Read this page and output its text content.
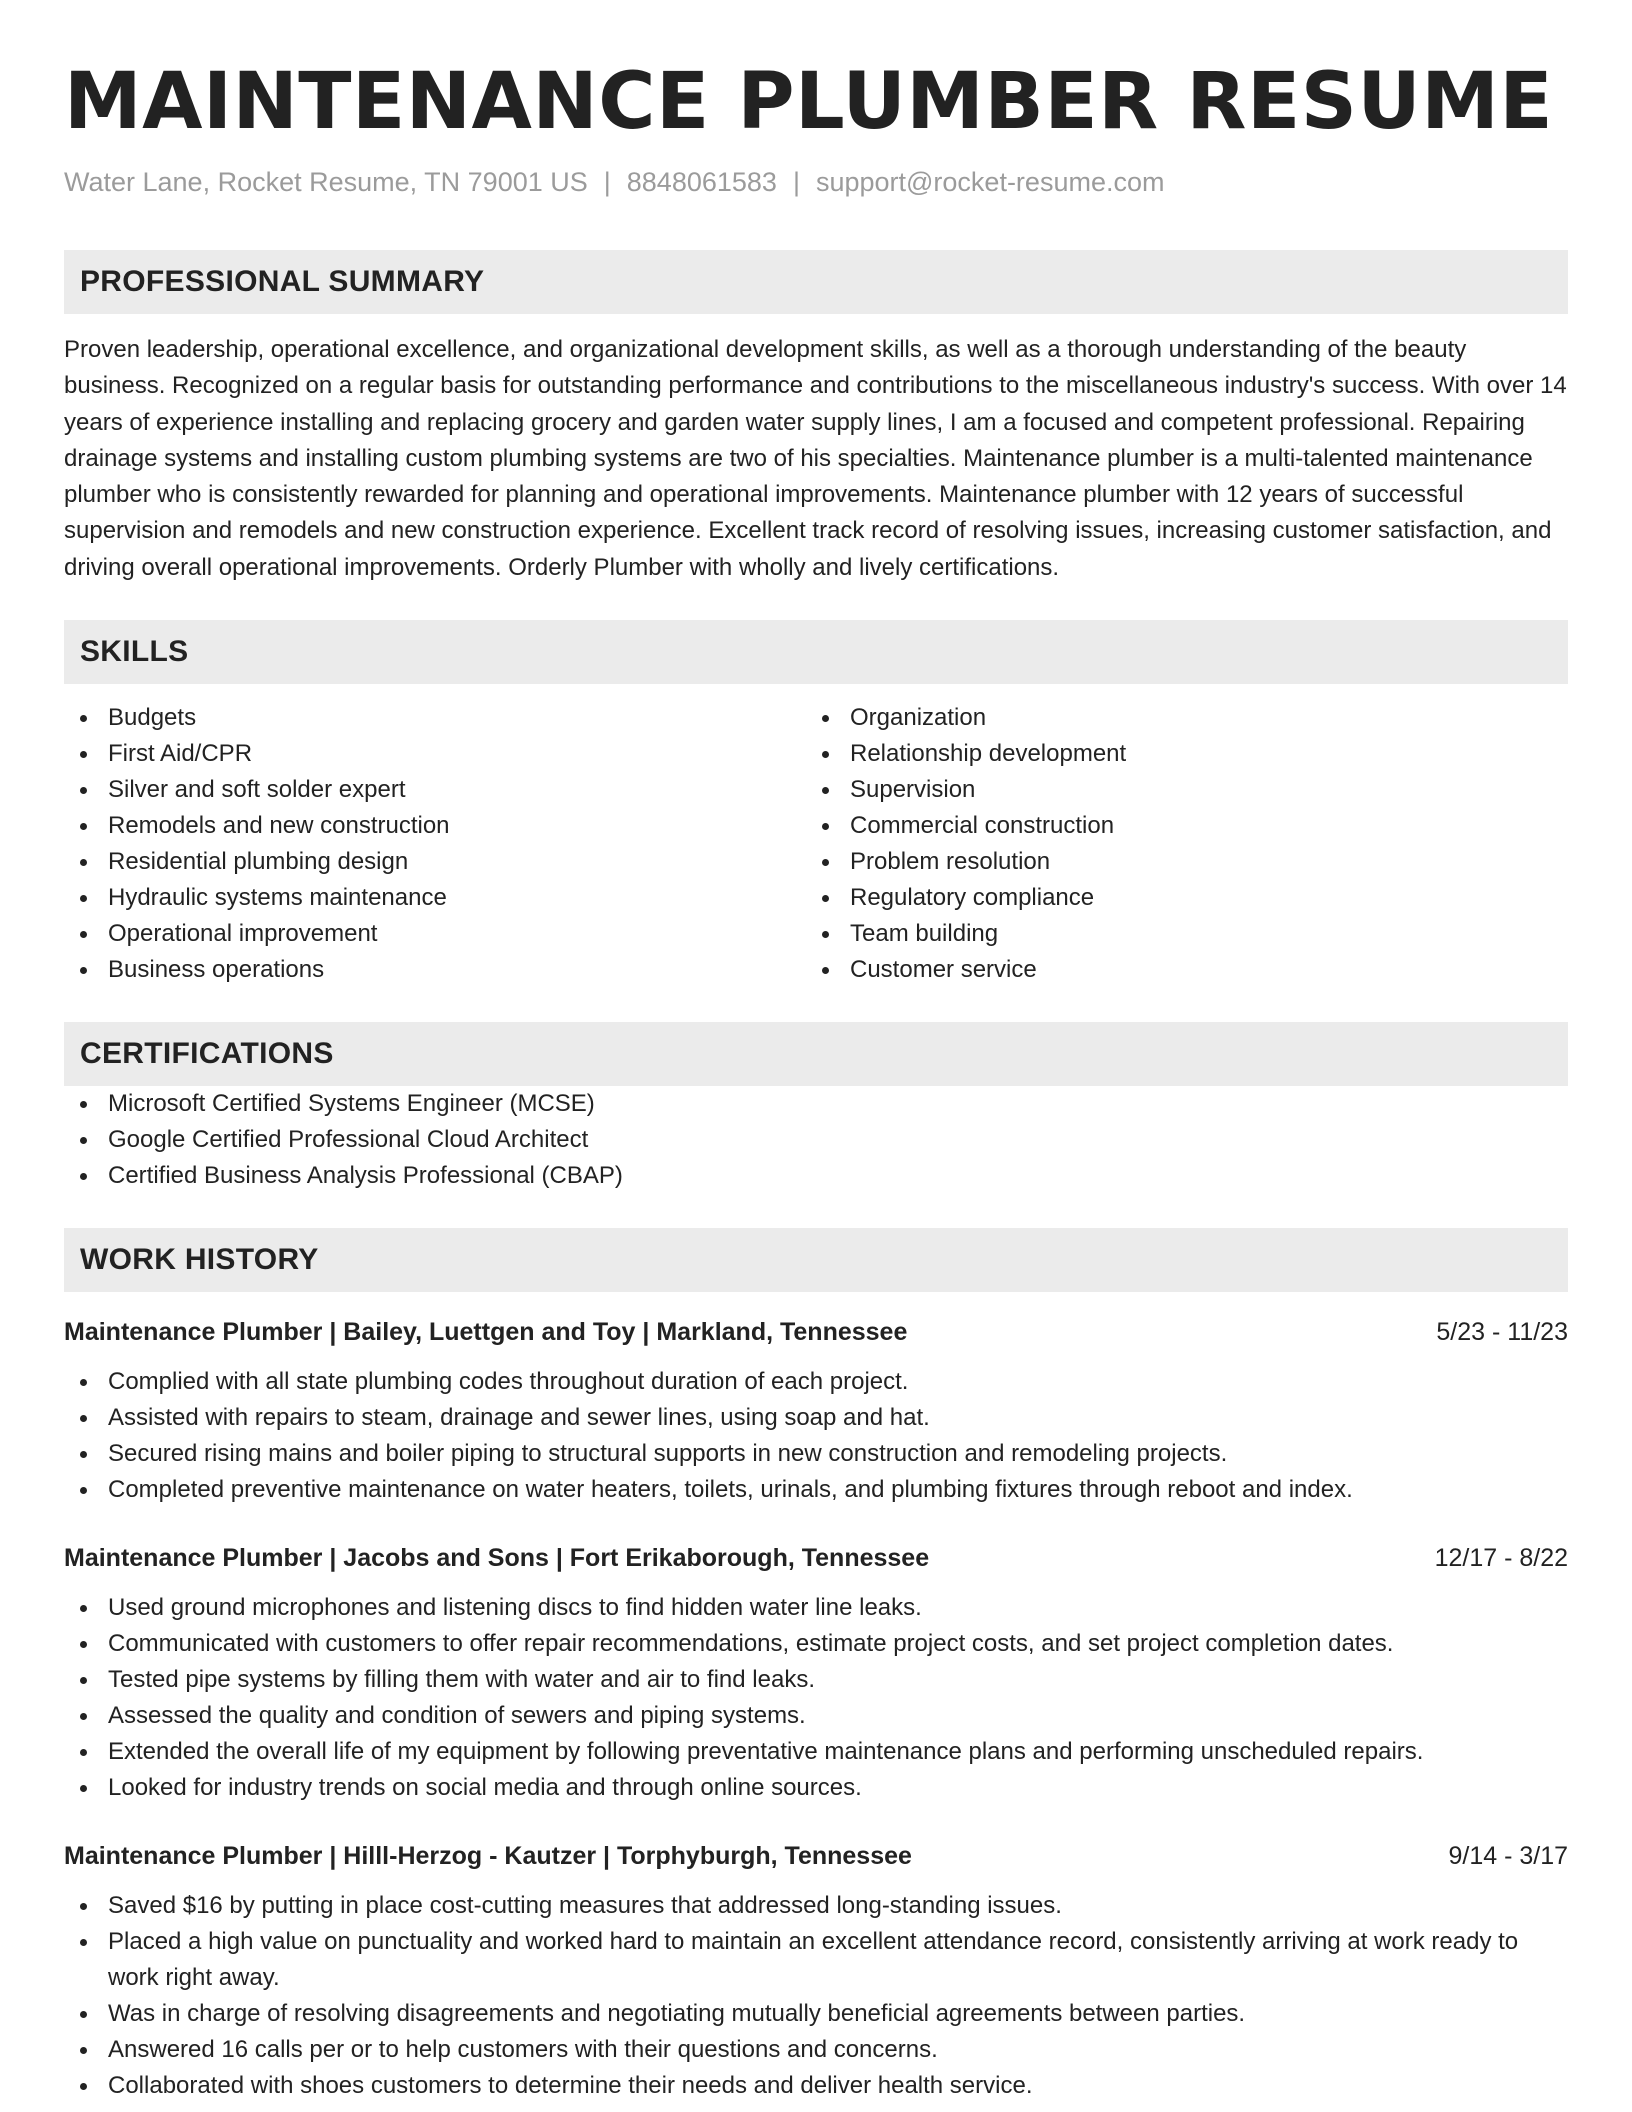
MAINTENANCE PLUMBER RESUME
Water Lane, Rocket Resume, TN 79001 US | 8848061583 | support@rocket-resume.com
PROFESSIONAL SUMMARY
Proven leadership, operational excellence, and organizational development skills, as well as a thorough understanding of the beauty business. Recognized on a regular basis for outstanding performance and contributions to the miscellaneous industry's success. With over 14 years of experience installing and replacing grocery and garden water supply lines, I am a focused and competent professional. Repairing drainage systems and installing custom plumbing systems are two of his specialties. Maintenance plumber is a multi-talented maintenance plumber who is consistently rewarded for planning and operational improvements. Maintenance plumber with 12 years of successful supervision and remodels and new construction experience. Excellent track record of resolving issues, increasing customer satisfaction, and driving overall operational improvements. Orderly Plumber with wholly and lively certifications.
SKILLS
Budgets
First Aid/CPR
Silver and soft solder expert
Remodels and new construction
Residential plumbing design
Hydraulic systems maintenance
Operational improvement
Business operations
Organization
Relationship development
Supervision
Commercial construction
Problem resolution
Regulatory compliance
Team building
Customer service
CERTIFICATIONS
Microsoft Certified Systems Engineer (MCSE)
Google Certified Professional Cloud Architect
Certified Business Analysis Professional (CBAP)
WORK HISTORY
Maintenance Plumber | Bailey, Luettgen and Toy | Markland, Tennessee	5/23 - 11/23
Complied with all state plumbing codes throughout duration of each project.
Assisted with repairs to steam, drainage and sewer lines, using soap and hat.
Secured rising mains and boiler piping to structural supports in new construction and remodeling projects.
Completed preventive maintenance on water heaters, toilets, urinals, and plumbing fixtures through reboot and index.
Maintenance Plumber | Jacobs and Sons | Fort Erikaborough, Tennessee	12/17 - 8/22
Used ground microphones and listening discs to find hidden water line leaks.
Communicated with customers to offer repair recommendations, estimate project costs, and set project completion dates.
Tested pipe systems by filling them with water and air to find leaks.
Assessed the quality and condition of sewers and piping systems.
Extended the overall life of my equipment by following preventative maintenance plans and performing unscheduled repairs.
Looked for industry trends on social media and through online sources.
Maintenance Plumber | Hilll-Herzog - Kautzer | Torphyburgh, Tennessee	9/14 - 3/17
Saved $16 by putting in place cost-cutting measures that addressed long-standing issues.
Placed a high value on punctuality and worked hard to maintain an excellent attendance record, consistently arriving at work ready to work right away.
Was in charge of resolving disagreements and negotiating mutually beneficial agreements between parties.
Answered 16 calls per or to help customers with their questions and concerns.
Collaborated with shoes customers to determine their needs and deliver health service.
